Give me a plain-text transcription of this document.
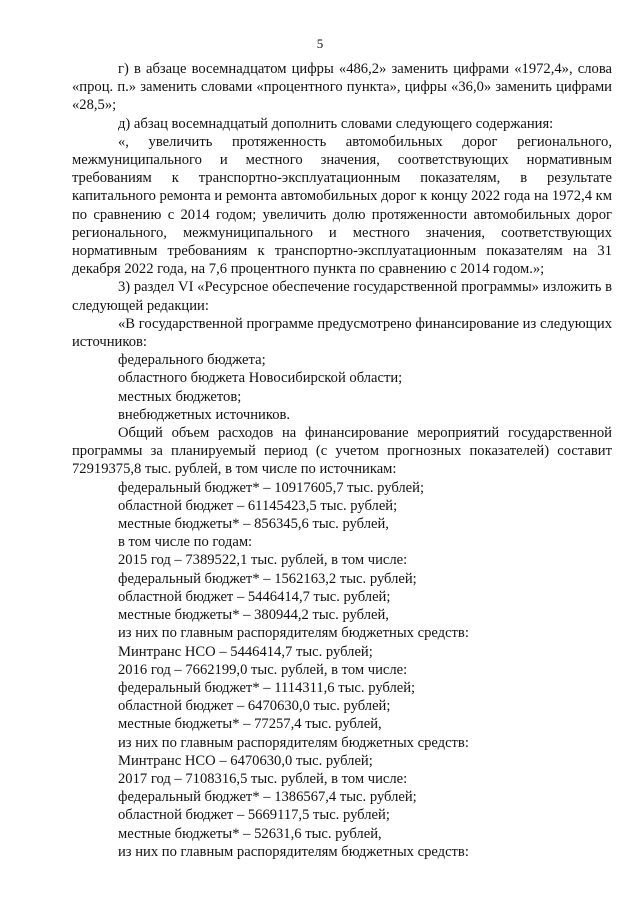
5

г) в абзаце восемнадцатом цифры «486,2» заменить цифрами «1972,4», слова «проц. п.» заменить словами «процентного пункта», цифры «36,0» заменить цифрами «28,5»;

д) абзац восемнадцатый дополнить словами следующего содержания:

«, увеличить протяженность автомобильных дорог регионального, межмуниципального и местного значения, соответствующих нормативным требованиям к транспортно-эксплуатационным показателям, в результате капитального ремонта и ремонта автомобильных дорог к концу 2022 года на 1972,4 км по сравнению с 2014 годом; увеличить долю протяженности автомобильных дорог регионального, межмуниципального и местного значения, соответствующих нормативным требованиям к транспортно-эксплуатационным показателям на 31 декабря 2022 года, на 7,6 процентного пункта по сравнению с 2014 годом.»;

3) раздел VI «Ресурсное обеспечение государственной программы» изложить в следующей редакции:

«В государственной программе предусмотрено финансирование из следующих источников:

федерального бюджета;

областного бюджета Новосибирской области;

местных бюджетов;

внебюджетных источников.

Общий объем расходов на финансирование мероприятий государственной программы за планируемый период (с учетом прогнозных показателей) составит 72919375,8 тыс. рублей, в том числе по источникам:

федеральный бюджет* – 10917605,7 тыс. рублей;

областной бюджет – 61145423,5 тыс. рублей;

местные бюджеты* – 856345,6 тыс. рублей,

в том числе по годам:

2015 год – 7389522,1 тыс. рублей, в том числе:

федеральный бюджет* – 1562163,2 тыс. рублей;

областной бюджет – 5446414,7 тыс. рублей;

местные бюджеты* – 380944,2 тыс. рублей,

из них по главным распорядителям бюджетных средств:

Минтранс НСО – 5446414,7 тыс. рублей;

2016 год – 7662199,0 тыс. рублей, в том числе:

федеральный бюджет* – 1114311,6 тыс. рублей;

областной бюджет – 6470630,0 тыс. рублей;

местные бюджеты* – 77257,4 тыс. рублей,

из них по главным распорядителям бюджетных средств:

Минтранс НСО – 6470630,0 тыс. рублей;

2017 год – 7108316,5 тыс. рублей, в том числе:

федеральный бюджет* – 1386567,4 тыс. рублей;

областной бюджет – 5669117,5 тыс. рублей;

местные бюджеты* – 52631,6 тыс. рублей,

из них по главным распорядителям бюджетных средств:
